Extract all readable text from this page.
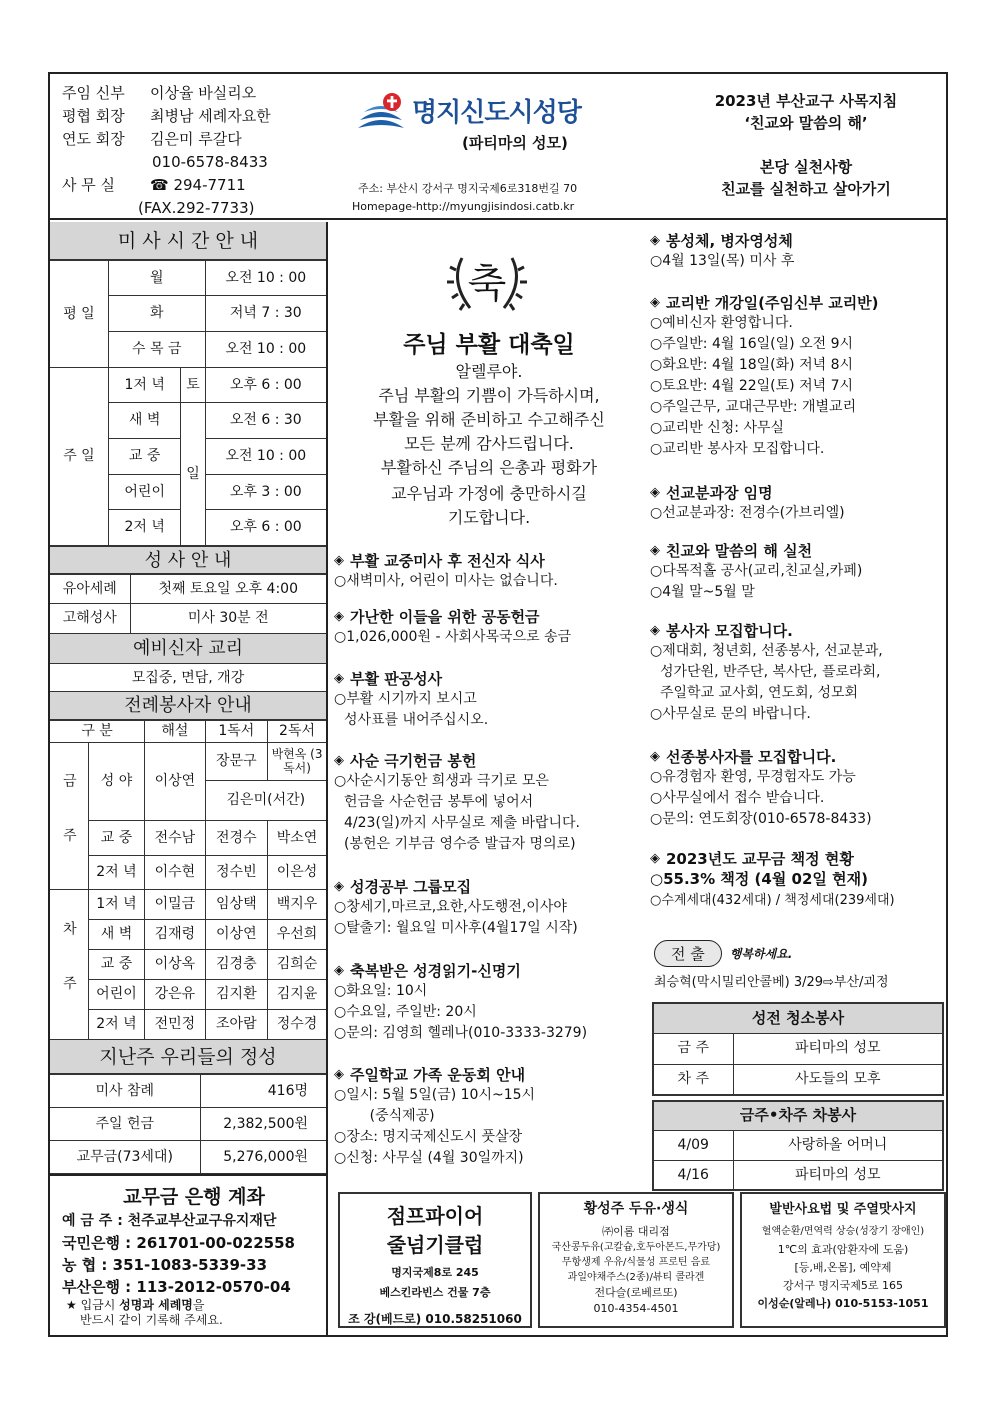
주임 신부	이상율 바실리오
평협 회장	최병남 세례자요한
연도 회장	김은미 루갈다
010-6578-8433
사 무 실	☎ 294-7711
(FAX.292-7733)
명지신도시성당
(파티마의 성모)
주소: 부산시 강서구 명지국제6로318번길 70
Homepage-http://myungjisindosi.catb.kr
2023년 부산교구 사목지침
‘친교와 말씀의 해’
본당 실천사항
친교를 실천하고 살아가기
미 사 시 간 안 내
평 일	월		오전 10 : 00
	화		저녁 7 : 30
	수 목 금		오전 10 : 00
주 일	1저 녁	토	오후 6 : 00
	새 벽	일	오전 6 : 30
	교 중		오전 10 : 00
	어린이		오후 3 : 00
	2저 녁		오후 6 : 00
성 사 안 내
유아세례	첫째 토요일 오후 4:00
고해성사	미사 30분 전
예비신자 교리
모집중, 면담, 개강
전례봉사자 안내
구 분		해설	1독서	2독서
금 주	성 야	이상연	장문구	박현옥 (3독서)
			김은미(서간)	
	교 중	전수남	전경수	박소연
	2저 녁	이수현	정수빈	이은성
차 주	1저 녁	이밀금	임상택	백지우
	새 벽	김재령	이상연	우선희
	교 중	이상옥	김경충	김희순
	어린이	강은유	김지환	김지윤
	2저 녁	전민정	조아람	정수경
지난주 우리들의 정성
미사 참례	416명
주일 헌금	2,382,500원
교무금(73세대)	5,276,000원
교무금 은행 계좌
예 금 주 : 천주교부산교구유지재단
국민은행 : 261701-00-022558
농 협 : 351-1083-5339-33
부산은행 : 113-2012-0570-04
★ 입금시 성명과 세례명을
반드시 같이 기록해 주세요.
축
주님 부활 대축일
알렐루야.
주님 부활의 기쁨이 가득하시며,
부활을 위해 준비하고 수고해주신
모든 분께 감사드립니다.
부활하신 주님의 은총과 평화가
교우님과 가정에 충만하시길
기도합니다.
◈ 부활 교중미사 후 전신자 식사
○새벽미사, 어린이 미사는 없습니다.
◈ 가난한 이들을 위한 공동헌금
○1,026,000원 - 사회사목국으로 송금
◈ 부활 판공성사
○부활 시기까지 보시고
성사표를 내어주십시오.
◈ 사순 극기헌금 봉헌
○사순시기동안 희생과 극기로 모은
헌금을 사순헌금 봉투에 넣어서
4/23(일)까지 사무실로 제출 바랍니다.
(봉헌은 기부금 영수증 발급자 명의로)
◈ 성경공부 그룹모집
○창세기,마르코,요한,사도행전,이사야
○탈출기: 월요일 미사후(4월17일 시작)
◈ 축복받은 성경읽기-신명기
○화요일: 10시
○수요일, 주일반: 20시
○문의: 김영희 헬레나(010-3333-3279)
◈ 주일학교 가족 운동회 안내
○일시: 5월 5일(금) 10시~15시
(중식제공)
○장소: 명지국제신도시 풋살장
○신청: 사무실 (4월 30일까지)
◈ 봉성체, 병자영성체
○4월 13일(목) 미사 후
◈ 교리반 개강일(주임신부 교리반)
○예비신자 환영합니다.
○주일반: 4월 16일(일) 오전 9시
○화요반: 4월 18일(화) 저녁 8시
○토요반: 4월 22일(토) 저녁 7시
○주일근무, 교대근무반: 개별교리
○교리반 신청: 사무실
○교리반 봉사자 모집합니다.
◈ 선교분과장 임명
○선교분과장: 전경수(가브리엘)
◈ 친교와 말씀의 해 실천
○다목적홀 공사(교리,친교실,카페)
○4월 말~5월 말
◈ 봉사자 모집합니다.
○제대회, 청년회, 선종봉사, 선교분과,
성가단원, 반주단, 복사단, 플로라회,
주일학교 교사회, 연도회, 성모회
○사무실로 문의 바랍니다.
◈ 선종봉사자를 모집합니다.
○유경험자 환영, 무경험자도 가능
○사무실에서 접수 받습니다.
○문의: 연도회장(010-6578-8433)
◈ 2023년도 교무금 책정 현황
○55.3% 책정 (4월 02일 현재)
○수계세대(432세대) / 책정세대(239세대)
전 출	행복하세요.
최승혁(막시밀리안콜베) 3/29⇨부산/괴정
성전 청소봉사	
금 주	파티마의 성모
차 주	사도들의 모후
금주•차주 차봉사	
4/09	사랑하올 어머니
4/16	파티마의 성모
점프파이어
줄넘기클럽
명지국제8로 245
베스킨라빈스 건물 7층
조 강(베드로) 010.58251060
황성주 두유·생식
㈜이롬 대리점
국산콩두유(고칼슘,호두아몬드,무가당)
무항생제 우유/식물성 프로틴 음료
과일야채주스(2종)/뷰티 콜라겐
전다슬(로베르또)
010-4354-4501
발반사요법 및 주열맛사지
혈액순환/면역력 상승(성장기 장애인)
1℃의 효과(암환자에 도움)
[등,배,온몸], 예약제
강서구 명지국제5로 165
이성순(알레나) 010-5153-1051
